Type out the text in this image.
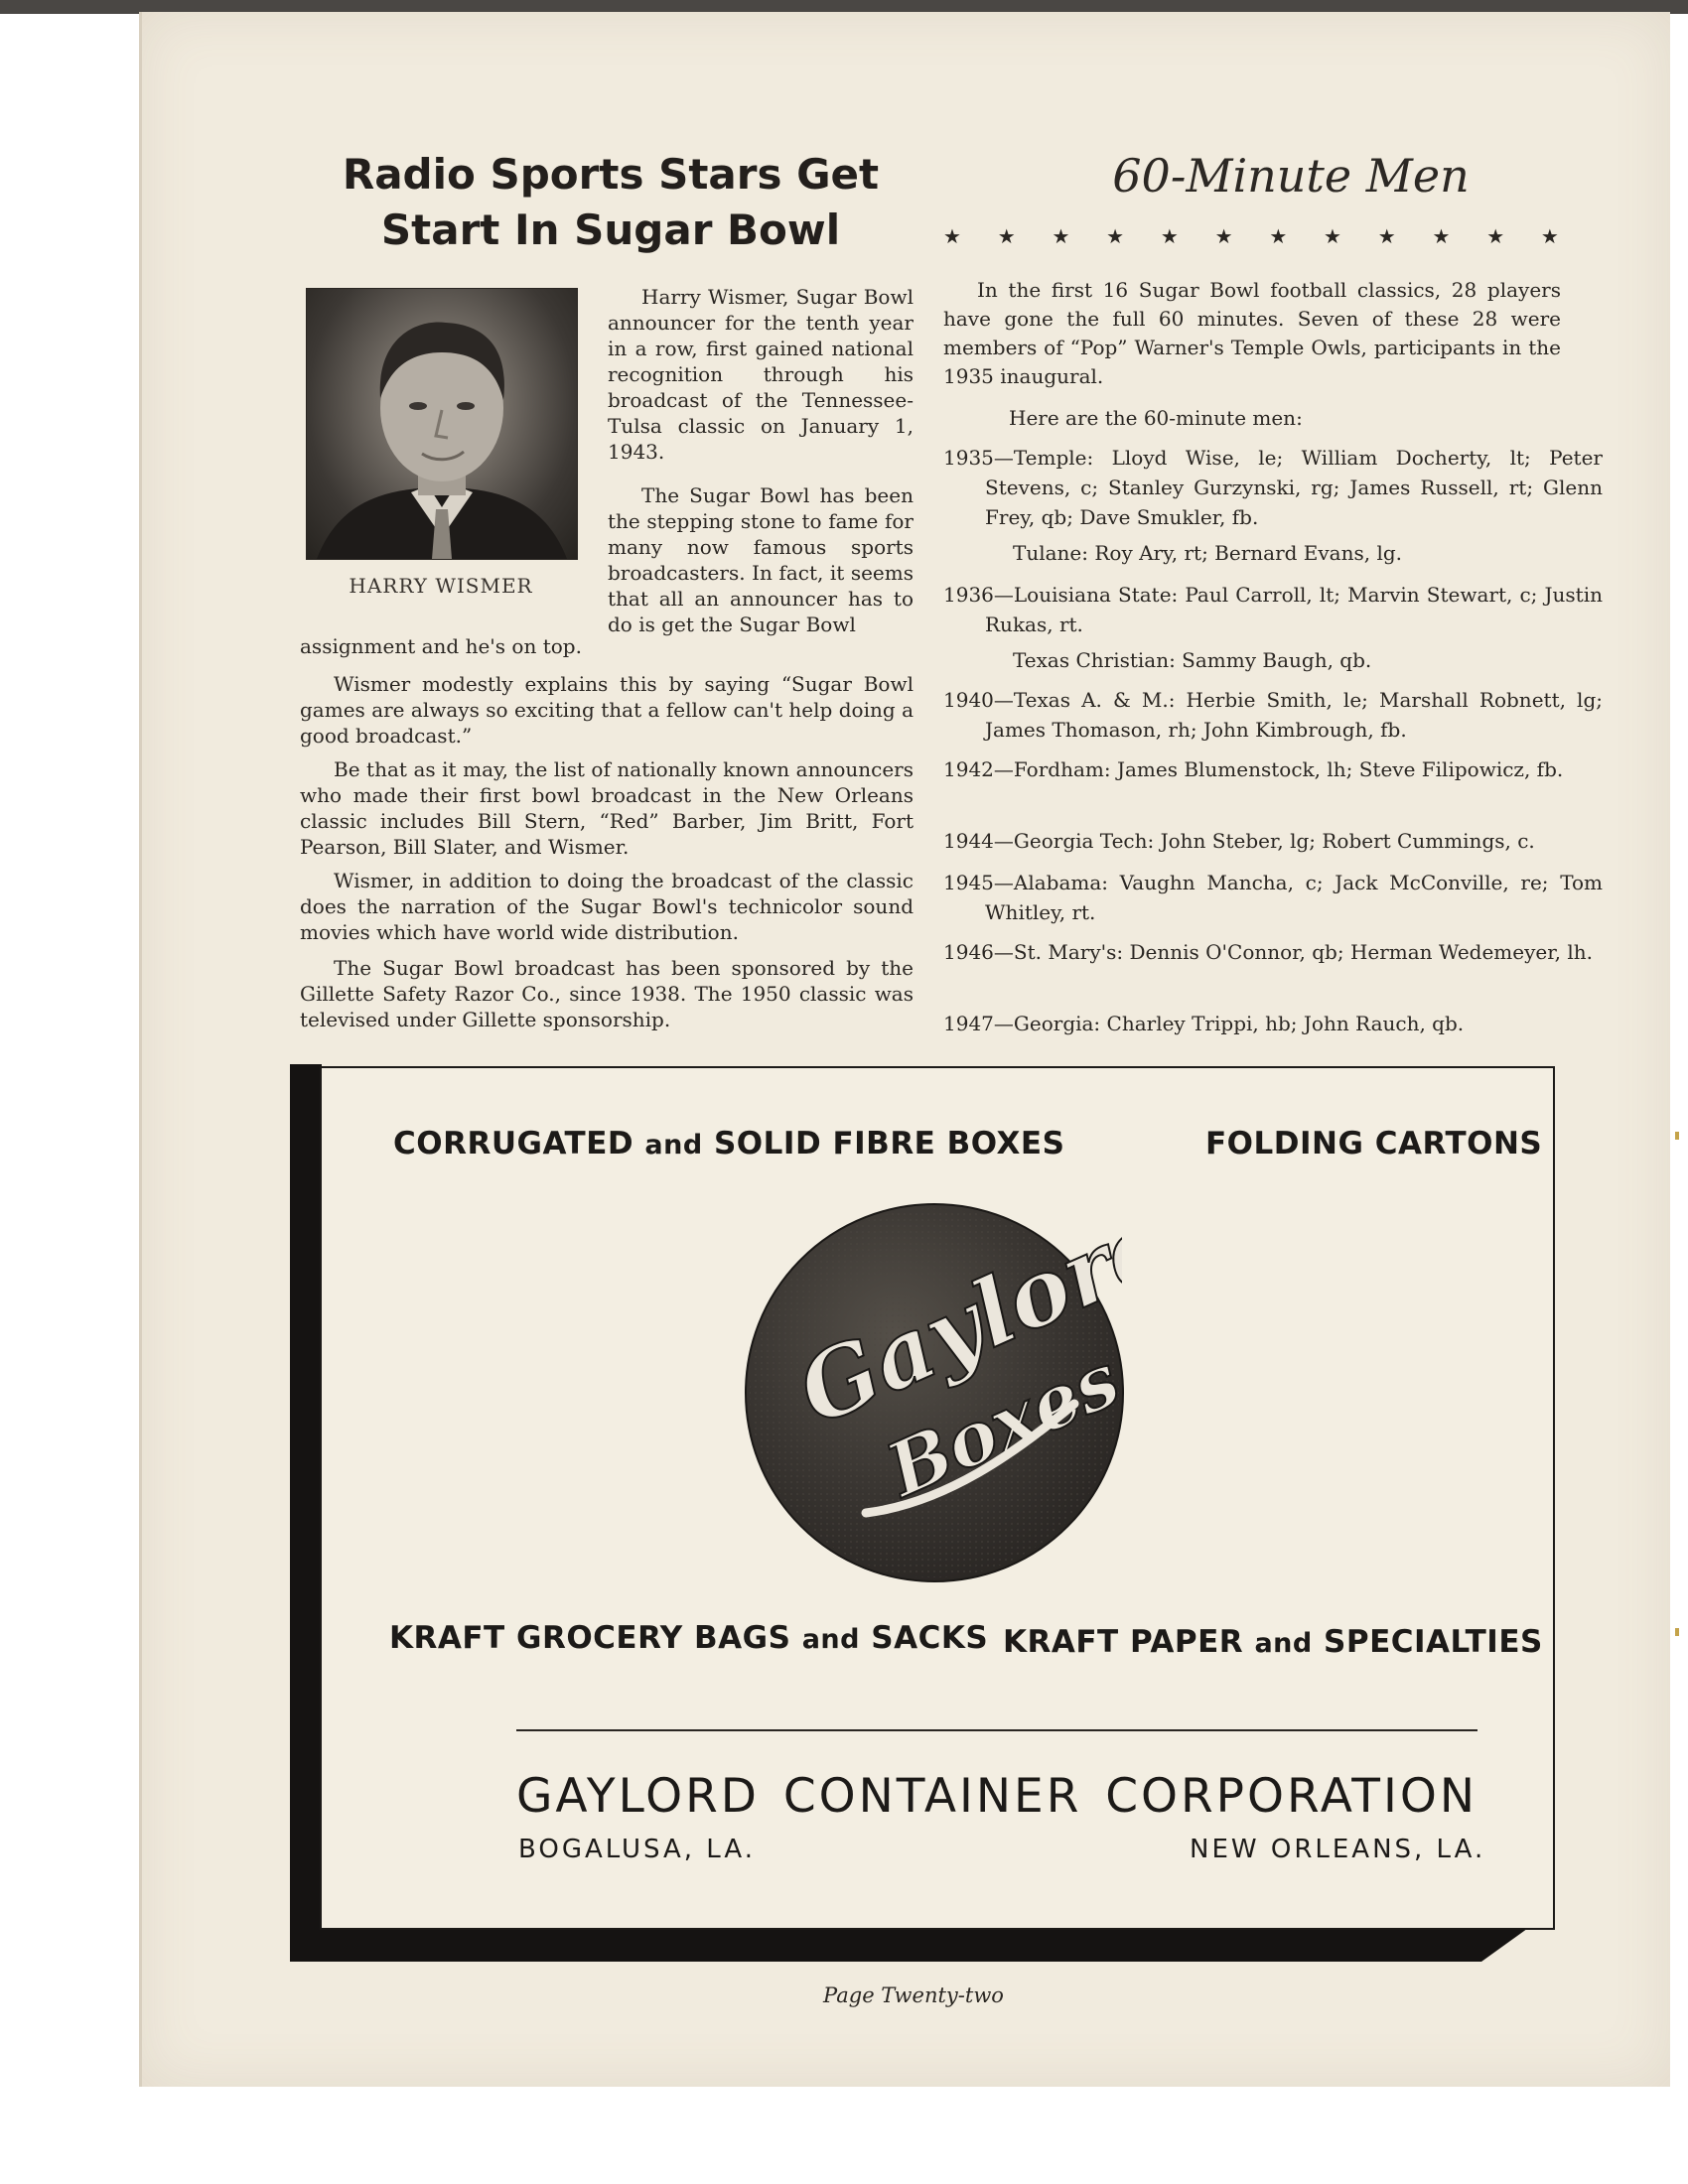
Radio Sports Stars Get
Start In Sugar Bowl
HARRY WISMER

Harry Wismer, Sugar Bowl announcer for the tenth year in a row, first gained national recognition through his broadcast of the Tennessee-Tulsa classic on January 1, 1943.

The Sugar Bowl has been the stepping stone to fame for many now famous sports broadcasters. In fact, it seems that all an announcer has to do is get the Sugar Bowl

assignment and he's on top.

Wismer modestly explains this by saying “Sugar Bowl games are always so exciting that a fellow can't help doing a good broadcast.”

Be that as it may, the list of nationally known announcers who made their first bowl broadcast in the New Orleans classic includes Bill Stern, “Red” Barber, Jim Britt, Fort Pearson, Bill Slater, and Wismer.

Wismer, in addition to doing the broadcast of the classic does the narration of the Sugar Bowl's technicolor sound movies which have world wide distribution.

The Sugar Bowl broadcast has been sponsored by the Gillette Safety Razor Co., since 1938. The 1950 classic was televised under Gillette sponsorship.

60-Minute Men
★ ★ ★ ★ ★ ★ ★ ★ ★ ★ ★ ★

In the first 16 Sugar Bowl football classics, 28 players have gone the full 60 minutes. Seven of these 28 were members of “Pop” Warner's Temple Owls, participants in the 1935 inaugural.

Here are the 60-minute men:

1935—Temple: Lloyd Wise, le; William Docherty, lt; Peter Stevens, c; Stanley Gurzynski, rg; James Russell, rt; Glenn Frey, qb; Dave Smukler, fb.

Tulane: Roy Ary, rt; Bernard Evans, lg.

1936—Louisiana State: Paul Carroll, lt; Marvin Stewart, c; Justin Rukas, rt.

Texas Christian: Sammy Baugh, qb.

1940—Texas A. & M.: Herbie Smith, le; Marshall Robnett, lg; James Thomason, rh; John Kimbrough, fb.

1942—Fordham: James Blumenstock, lh; Steve Filipowicz, fb.

1944—Georgia Tech: John Steber, lg; Robert Cummings, c.

1945—Alabama: Vaughn Mancha, c; Jack McConville, re; Tom Whitley, rt.

1946—St. Mary's: Dennis O'Connor, qb; Herman Wedemeyer, lh.

1947—Georgia: Charley Trippi, hb; John Rauch, qb.

CORRUGATED and SOLID FIBRE BOXES	FOLDING CARTONS
Gaylord
Boxes
KRAFT GROCERY BAGS and SACKS KRAFT PAPER and SPECIALTIES
GAYLORD CONTAINER CORPORATION
BOGALUSA, LA.	NEW ORLEANS, LA.
Page Twenty-two
